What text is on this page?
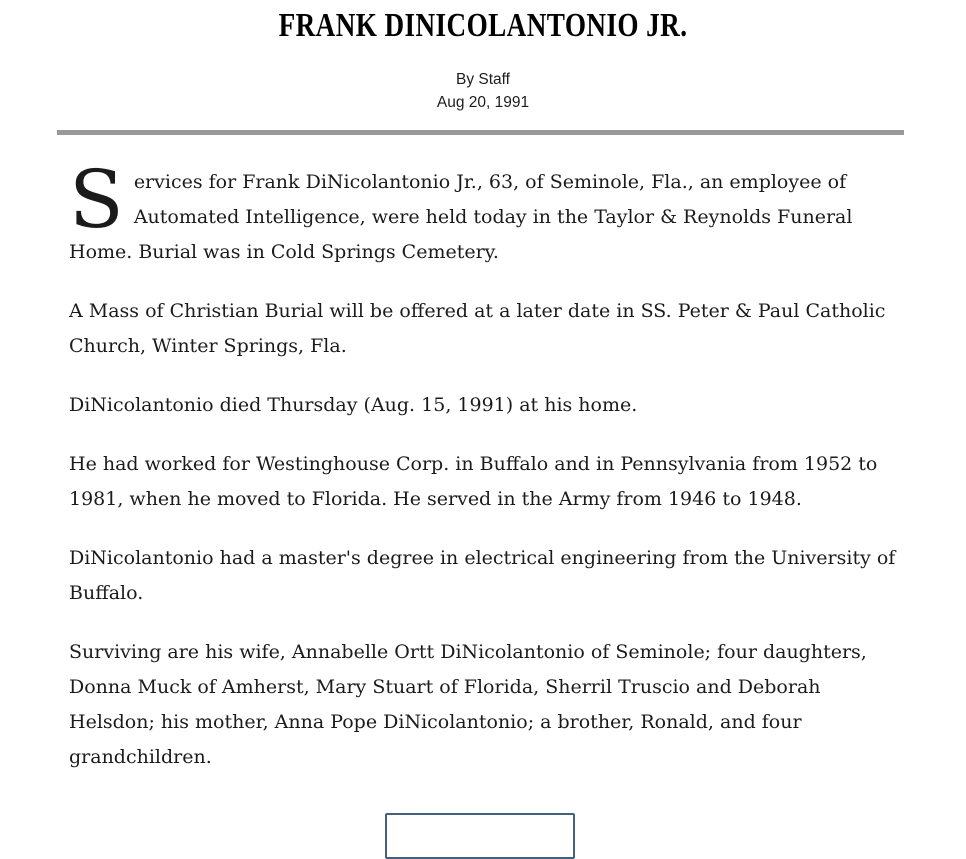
FRANK DINICOLANTONIO JR.
By Staff
Aug 20, 1991

Services for Frank DiNicolantonio Jr., 63, of Seminole, Fla., an employee of Automated Intelligence, were held today in the Taylor & Reynolds Funeral Home. Burial was in Cold Springs Cemetery.

A Mass of Christian Burial will be offered at a later date in SS. Peter & Paul Catholic Church, Winter Springs, Fla.

DiNicolantonio died Thursday (Aug. 15, 1991) at his home.

He had worked for Westinghouse Corp. in Buffalo and in Pennsylvania from 1952 to 1981, when he moved to Florida. He served in the Army from 1946 to 1948.

DiNicolantonio had a master's degree in electrical engineering from the University of Buffalo.

Surviving are his wife, Annabelle Ortt DiNicolantonio of Seminole; four daughters, Donna Muck of Amherst, Mary Stuart of Florida, Sherril Truscio and Deborah Helsdon; his mother, Anna Pope DiNicolantonio; a brother, Ronald, and four grandchildren.
